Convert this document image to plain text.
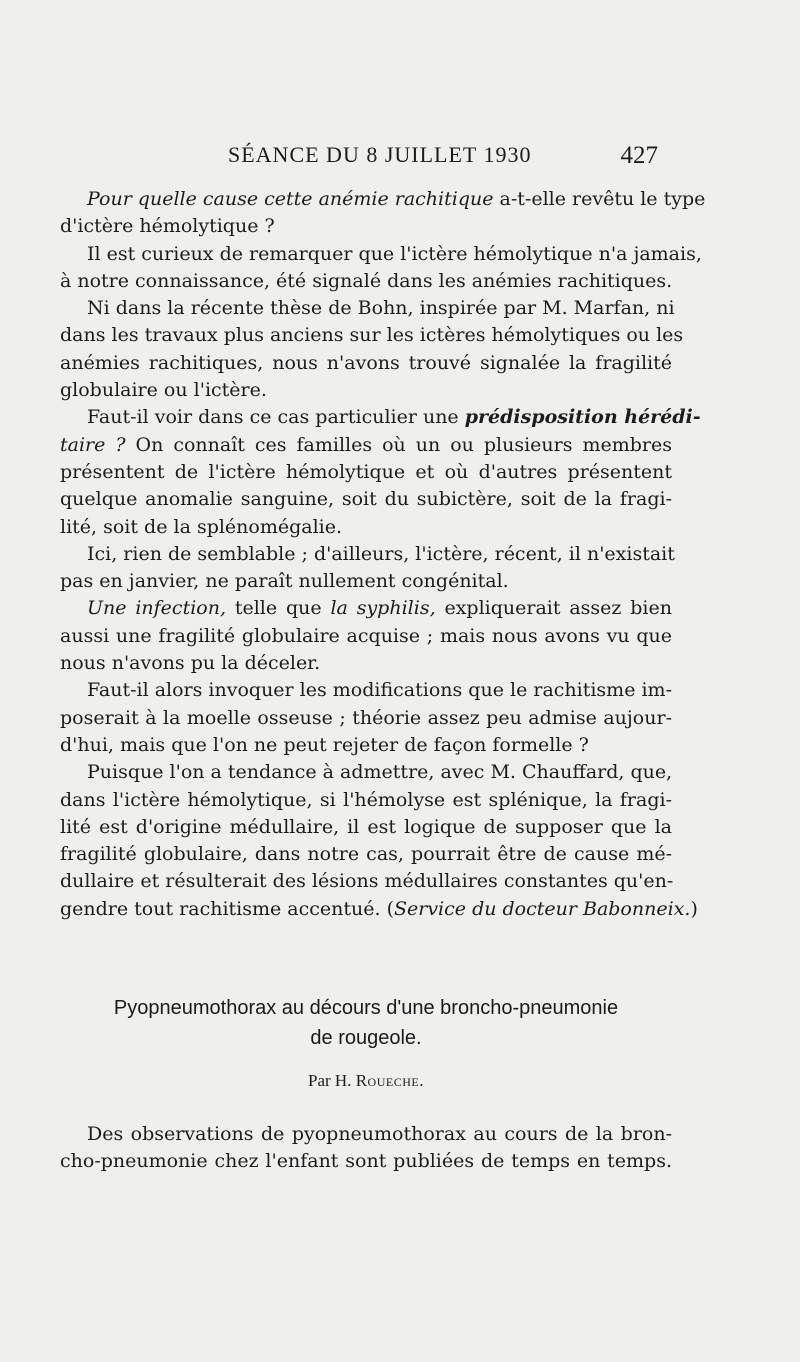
SÉANCE DU 8 JUILLET 1930	427
Pour quelle cause cette anémie rachitique a-t-elle revêtu le type
d'ictère hémolytique ?
Il est curieux de remarquer que l'ictère hémolytique n'a jamais,
à notre connaissance, été signalé dans les anémies rachitiques.
Ni dans la récente thèse de Bohn, inspirée par M. Marfan, ni
dans les travaux plus anciens sur les ictères hémolytiques ou les
anémies rachitiques, nous n'avons trouvé signalée la fragilité
globulaire ou l'ictère.
Faut-il voir dans ce cas particulier une prédisposition hérédi-
taire ? On connaît ces familles où un ou plusieurs membres
présentent de l'ictère hémolytique et où d'autres présentent
quelque anomalie sanguine, soit du subictère, soit de la fragi-
lité, soit de la splénomégalie.
Ici, rien de semblable ; d'ailleurs, l'ictère, récent, il n'existait
pas en janvier, ne paraît nullement congénital.
Une infection, telle que la syphilis, expliquerait assez bien
aussi une fragilité globulaire acquise ; mais nous avons vu que
nous n'avons pu la déceler.
Faut-il alors invoquer les modifications que le rachitisme im-
poserait à la moelle osseuse ; théorie assez peu admise aujour-
d'hui, mais que l'on ne peut rejeter de façon formelle ?
Puisque l'on a tendance à admettre, avec M. Chauffard, que,
dans l'ictère hémolytique, si l'hémolyse est splénique, la fragi-
lité est d'origine médullaire, il est logique de supposer que la
fragilité globulaire, dans notre cas, pourrait être de cause mé-
dullaire et résulterait des lésions médullaires constantes qu'en-
gendre tout rachitisme accentué. (Service du docteur Babonneix.)
Pyopneumothorax au décours d'une broncho-pneumonie
de rougeole.
Par H. Roueche.
Des observations de pyopneumothorax au cours de la bron-
cho-pneumonie chez l'enfant sont publiées de temps en temps.
